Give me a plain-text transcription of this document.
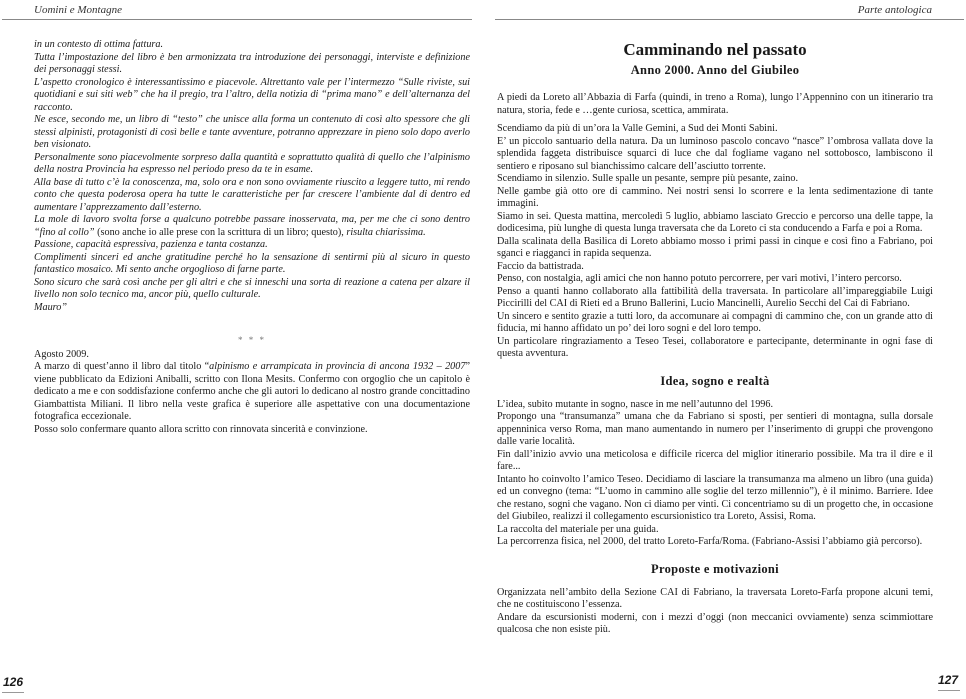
Uomini e Montagne

in un contesto di ottima fattura.

Tutta l’impostazione del libro è ben armonizzata tra introduzione dei personaggi, interviste e definizione dei personaggi stessi.

L’aspetto cronologico è interessantissimo e piacevole. Altrettanto vale per l’intermezzo “Sulle riviste, sui quotidiani e sui siti web” che ha il pregio, tra l’altro, della notizia di “prima mano” e dell’alternanza del racconto.

Ne esce, secondo me, un libro di “testo” che unisce alla forma un contenuto di così alto spessore che gli stessi alpinisti, protagonisti di così belle e tante avventure, potranno apprezzare in pieno solo dopo averlo ben visionato.

Personalmente sono piacevolmente sorpreso dalla quantità e soprattutto qualità di quello che l’alpinismo della nostra Provincia ha espresso nel periodo preso da te in esame.

Alla base di tutto c’è la conoscenza, ma, solo ora e non sono ovviamente riuscito a leggere tutto, mi rendo conto che questa poderosa opera ha tutte le caratteristiche per far crescere l’ambiente dal di dentro ed aumentare l’apprezzamento dall’esterno.

La mole di lavoro svolta forse a qualcuno potrebbe passare inosservata, ma, per me che ci sono dentro “fino al collo” (sono anche io alle prese con la scrittura di un libro; questo), risulta chiarissima.

Passione, capacità espressiva, pazienza e tanta costanza.

Complimenti sinceri ed anche gratitudine perché ho la sensazione di sentirmi più al sicuro in questo fantastico mosaico. Mi sento anche orgoglioso di farne parte.

Sono sicuro che sarà così anche per gli altri e che si inneschi una sorta di reazione a catena per alzare il livello non solo tecnico ma, ancor più, quello culturale.

Mauro”

* * *

Agosto 2009.

A marzo di quest’anno il libro dal titolo “alpinismo e arrampicata in provincia di ancona 1932 – 2007” viene pubblicato da Edizioni Aniballi, scritto con Ilona Mesits. Confermo con orgoglio che un capitolo è dedicato a me e con soddisfazione confermo anche che gli autori lo dedicano al nostro grande concittadino Giambattista Miliani. Il libro nella veste grafica è superiore alle aspettative con una documentazione fotografica eccezionale.

Posso solo confermare quanto allora scritto con rinnovata sincerità e convinzione.

126
Parte antologica
Camminando nel passato
Anno 2000. Anno del Giubileo

A piedi da Loreto all’Abbazia di Farfa (quindi, in treno a Roma), lungo l’Appennino con un itinerario tra natura, storia, fede e …gente curiosa, scettica, ammirata.

Scendiamo da più di un’ora la Valle Gemini, a Sud dei Monti Sabini.

E’ un piccolo santuario della natura. Da un luminoso pascolo concavo “nasce” l’ombrosa vallata dove la splendida faggeta distribuisce squarci di luce che dal fogliame vagano nel sottobosco, lambiscono il sentiero e riposano sul bianchissimo calcare dell’asciutto torrente.

Scendiamo in silenzio. Sulle spalle un pesante, sempre più pesante, zaino.

Nelle gambe già otto ore di cammino. Nei nostri sensi lo scorrere e la lenta sedimentazione di tante immagini.

Siamo in sei. Questa mattina, mercoledì 5 luglio, abbiamo lasciato Greccio e percorso una delle tappe, la dodicesima, più lunghe di questa lunga traversata che da Loreto ci sta conducendo a Farfa e poi a Roma.

Dalla scalinata della Basilica di Loreto abbiamo mosso i primi passi in cinque e così fino a Fabriano, poi sganci e riagganci in rapida sequenza.

Faccio da battistrada.

Penso, con nostalgia, agli amici che non hanno potuto percorrere, per vari motivi, l’intero percorso.

Penso a quanti hanno collaborato alla fattibilità della traversata. In particolare all’impareggiabile Luigi Piccirilli del CAI di Rieti ed a Bruno Ballerini, Lucio Mancinelli, Aurelio Secchi del Cai di Fabriano.

Un sincero e sentito grazie a tutti loro, da accomunare ai compagni di cammino che, con un grande atto di fiducia, mi hanno affidato un po’ dei loro sogni e del loro tempo.

Un particolare ringraziamento a Teseo Tesei, collaboratore e partecipante, determinante in ogni fase di questa avventura.

Idea, sogno e realtà

L’idea, subito mutante in sogno, nasce in me nell’autunno del 1996.

Propongo una “transumanza” umana che da Fabriano si sposti, per sentieri di montagna, sulla dorsale appenninica verso Roma, man mano aumentando in numero per l’inserimento di gruppi che provengono dalle varie località.

Fin dall’inizio avvio una meticolosa e difficile ricerca del miglior itinerario possibile. Ma tra il dire e il fare...

Intanto ho coinvolto l’amico Teseo. Decidiamo di lasciare la transumanza ma almeno un libro (una guida) ed un convegno (tema: “L’uomo in cammino alle soglie del terzo millennio”), è il minimo. Barriere. Idee che restano, sogni che vagano. Non ci diamo per vinti. Ci concentriamo su di un progetto che, in occasione del Giubileo, realizzi il collegamento escursionistico tra Loreto, Assisi, Roma.

La raccolta del materiale per una guida.

La percorrenza fisica, nel 2000, del tratto Loreto-Farfa/Roma. (Fabriano-Assisi l’abbiamo già percorso).

Proposte e motivazioni

Organizzata nell’ambito della Sezione CAI di Fabriano, la traversata Loreto-Farfa propone alcuni temi, che ne costituiscono l’essenza.

Andare da escursionisti moderni, con i mezzi d’oggi (non meccanici ovviamente) senza scimmiottare qualcosa che non esiste più.

127
